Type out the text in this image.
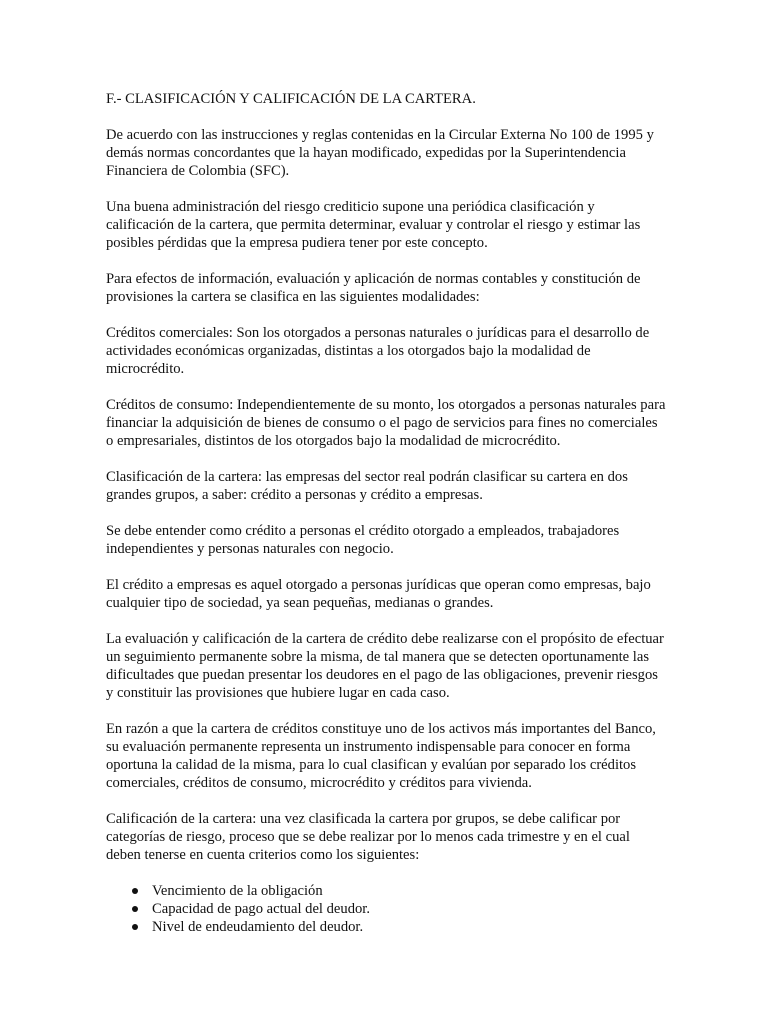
F.- CLASIFICACIÓN Y CALIFICACIÓN DE LA CARTERA.

De acuerdo con las instrucciones y reglas contenidas en la Circular Externa No 100 de 1995 y demás normas concordantes que la hayan modificado, expedidas por la Superintendencia Financiera de Colombia (SFC).

Una buena administración del riesgo crediticio supone una periódica clasificación y calificación de la cartera, que permita determinar, evaluar y controlar el riesgo y estimar las posibles pérdidas que la empresa pudiera tener por este concepto.

Para efectos de información, evaluación y aplicación de normas contables y constitución de provisiones la cartera se clasifica en las siguientes modalidades:

Créditos comerciales: Son los otorgados a personas naturales o jurídicas para el desarrollo de actividades económicas organizadas, distintas a los otorgados bajo la modalidad de microcrédito.

Créditos de consumo: Independientemente de su monto, los otorgados a personas naturales para financiar la adquisición de bienes de consumo o el pago de servicios para fines no comerciales o empresariales, distintos de los otorgados bajo la modalidad de microcrédito.

Clasificación de la cartera: las empresas del sector real podrán clasificar su cartera en dos grandes grupos, a saber: crédito a personas y crédito a empresas.

Se debe entender como crédito a personas el crédito otorgado a empleados, trabajadores independientes y personas naturales con negocio.

El crédito a empresas es aquel otorgado a personas jurídicas que operan como empresas, bajo cualquier tipo de sociedad, ya sean pequeñas, medianas o grandes.

La evaluación y calificación de la cartera de crédito debe realizarse con el propósito de efectuar un seguimiento permanente sobre la misma, de tal manera que se detecten oportunamente las dificultades que puedan presentar los deudores en el pago de las obligaciones, prevenir riesgos y constituir las provisiones que hubiere lugar en cada caso.

En razón a que la cartera de créditos constituye uno de los activos más importantes del Banco, su evaluación permanente representa un instrumento indispensable para conocer en forma oportuna la calidad de la misma, para lo cual clasifican y evalúan por separado los créditos comerciales, créditos de consumo, microcrédito y créditos para vivienda.

Calificación de la cartera: una vez clasificada la cartera por grupos, se debe calificar por categorías de riesgo, proceso que se debe realizar por lo menos cada trimestre y en el cual deben tenerse en cuenta criterios como los siguientes:

Vencimiento de la obligación
Capacidad de pago actual del deudor.
Nivel de endeudamiento del deudor.
